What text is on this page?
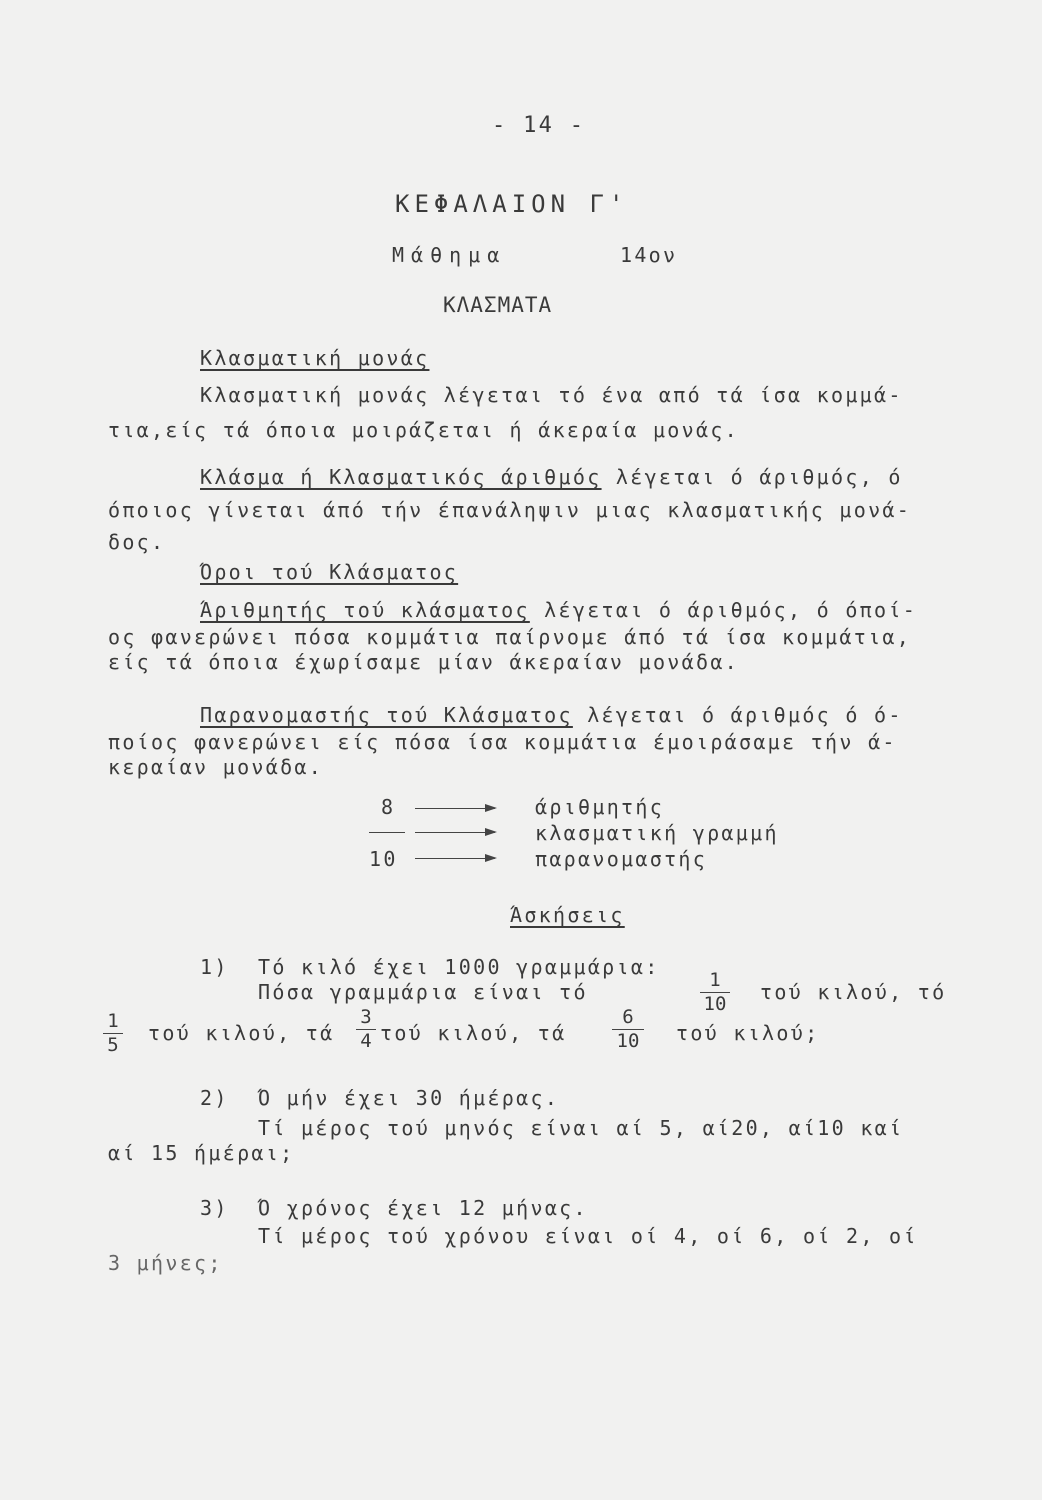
- 14 -
ΚΕΦΑΛΑΙΟΝ Γ'
Μάθημα	14ον
ΚΛΑΣΜΑΤΑ
Κλασματική μονάς
Κλασματική μονάς λέγεται τό ένα από τά ίσα κομμά-
τια,είς τά όποια μοιράζεται ή άκεραία μονάς.
Κλάσμα ή Κλασματικός άριθμός λέγεται ό άριθμός, ό
όποιος γίνεται άπό τήν έπανάληψιν μιας κλασματικής μονά-
δος.
Όροι τού Κλάσματος
Άριθμητής τού κλάσματος λέγεται ό άριθμός, ό όποί-
ος φανερώνει πόσα κομμάτια παίρνομε άπό τά ίσα κομμάτια,
είς τά όποια έχωρίσαμε μίαν άκεραίαν μονάδα.
Παρανομαστής τού Κλάσματος λέγεται ό άριθμός ό ό-
ποίος φανερώνει είς πόσα ίσα κομμάτια έμοιράσαμε τήν ά-
κεραίαν μονάδα.
8	άριθμητής
κλασματική γραμμή
10	παρανομαστής
Άσκήσεις
1) Τό κιλό έχει 1000 γραμμάρια:
Πόσα γραμμάρια είναι τό	1
10 τού κιλού, τό
1
5 τού κιλού, τά
3
4 τού κιλού, τά
6
10 τού κιλού;
2) Ό μήν έχει 30 ήμέρας.
Τί μέρος τού μηνός είναι αί 5, αί20, αί10 καί
αί 15 ήμέραι;
3) Ό χρόνος έχει 12 μήνας.
Τί μέρος τού χρόνου είναι οί 4, οί 6, οί 2, οί
3 μήνες;
